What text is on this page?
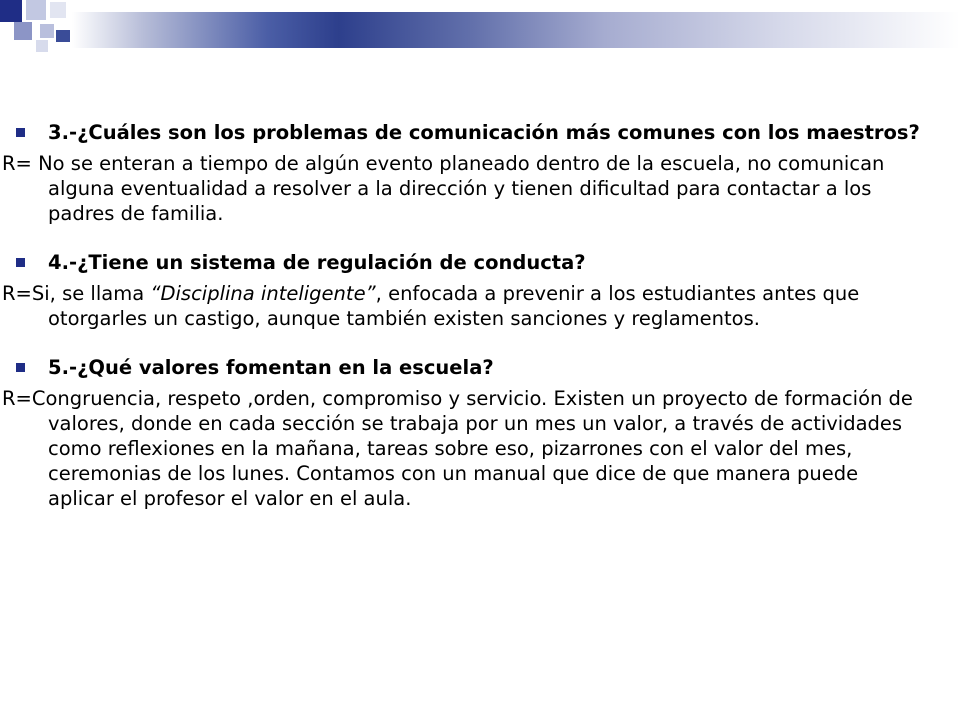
3.-¿Cuáles son los problemas de comunicación más comunes con los maestros?
R= No se enteran a tiempo de algún evento planeado dentro de la escuela, no comunican alguna eventualidad a resolver a la dirección y tienen dificultad para contactar a los padres de familia.
4.-¿Tiene un sistema de regulación de conducta?
R=Si, se llama “Disciplina inteligente”, enfocada a prevenir a los estudiantes antes que otorgarles un castigo, aunque también existen sanciones y reglamentos.
5.-¿Qué valores fomentan en la escuela?
R=Congruencia, respeto ,orden, compromiso y servicio. Existen un proyecto de formación de valores, donde en cada sección se trabaja por un mes un valor, a través de actividades como reflexiones en la mañana, tareas sobre eso, pizarrones con el valor del mes, ceremonias de los lunes. Contamos con un manual que dice de que manera puede aplicar el profesor el valor en el aula.
